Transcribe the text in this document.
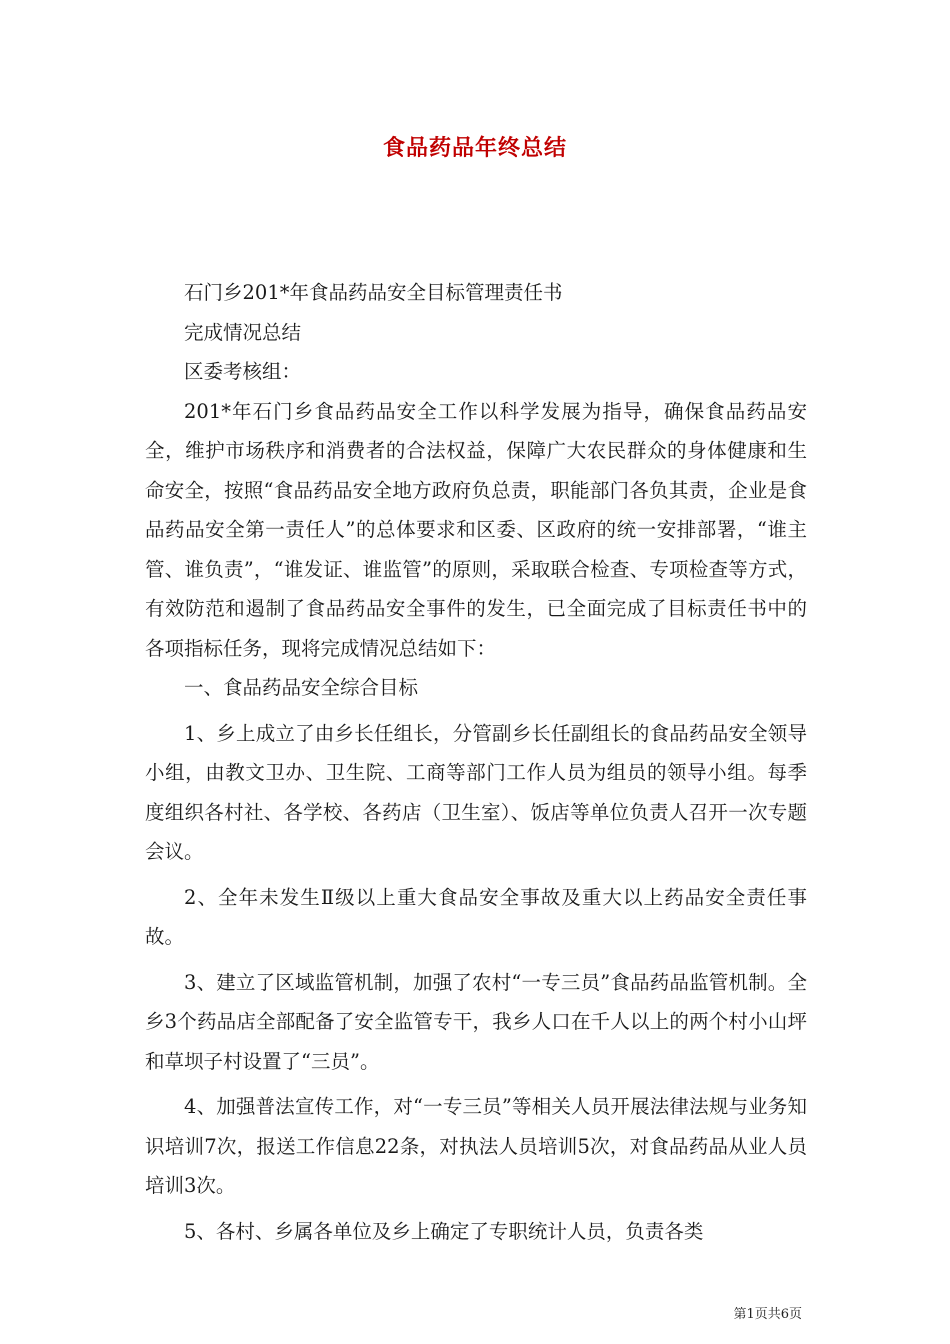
食品药品年终总结

石门乡201*年食品药品安全目标管理责任书

完成情况总结

区委考核组：

201*年石门乡食品药品安全工作以科学发展为指导，确保食品药品安全，维护市场秩序和消费者的合法权益，保障广大农民群众的身体健康和生命安全，按照“食品药品安全地方政府负总责，职能部门各负其责，企业是食品药品安全第一责任人”的总体要求和区委、区政府的统一安排部署，“谁主管、谁负责”，“谁发证、谁监管”的原则，采取联合检查、专项检查等方式，有效防范和遏制了食品药品安全事件的发生，已全面完成了目标责任书中的各项指标任务，现将完成情况总结如下：

一、食品药品安全综合目标

1、乡上成立了由乡长任组长，分管副乡长任副组长的食品药品安全领导小组，由教文卫办、卫生院、工商等部门工作人员为组员的领导小组。每季度组织各村社、各学校、各药店（卫生室）、饭店等单位负责人召开一次专题会议。

2、全年未发生Ⅱ级以上重大食品安全事故及重大以上药品安全责任事故。

3、建立了区域监管机制，加强了农村“一专三员”食品药品监管机制。全乡3个药品店全部配备了安全监管专干，我乡人口在千人以上的两个村小山坪和草坝子村设置了“三员”。

4、加强普法宣传工作，对“一专三员”等相关人员开展法律法规与业务知识培训7次，报送工作信息22条，对执法人员培训5次，对食品药品从业人员培训3次。

5、各村、乡属各单位及乡上确定了专职统计人员，负责各类

第1页共6页
